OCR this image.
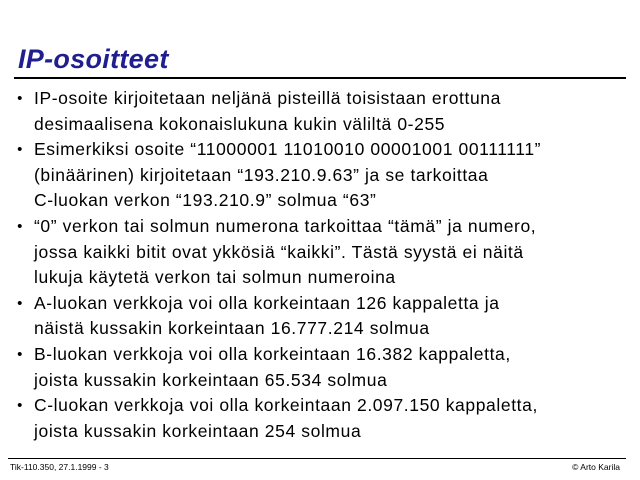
IP-osoitteet
• IP-osoite kirjoitetaan neljänä pisteillä toisistaan erottuna
desimaalisena kokonaislukuna kukin väliltä 0-255
• Esimerkiksi osoite “11000001 11010010 00001001 00111111”
(binäärinen) kirjoitetaan “193.210.9.63” ja se tarkoittaa
C-luokan verkon “193.210.9” solmua “63”
• “0” verkon tai solmun numerona tarkoittaa “tämä” ja numero,
jossa kaikki bitit ovat ykkösiä “kaikki”. Tästä syystä ei näitä
lukuja käytetä verkon tai solmun numeroina
• A-luokan verkkoja voi olla korkeintaan 126 kappaletta ja
näistä kussakin korkeintaan 16.777.214 solmua
• B-luokan verkkoja voi olla korkeintaan 16.382 kappaletta,
joista kussakin korkeintaan 65.534 solmua
• C-luokan verkkoja voi olla korkeintaan 2.097.150 kappaletta,
joista kussakin korkeintaan 254 solmua
Tik-110.350, 27.1.1999 - 3	© Arto Karila
